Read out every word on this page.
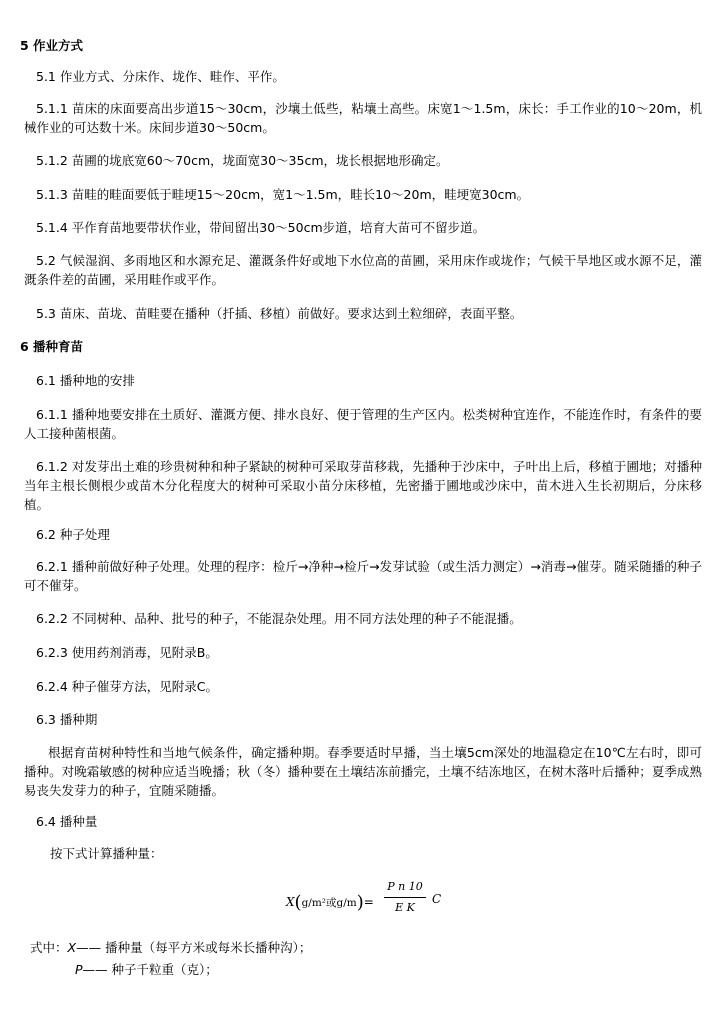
5 作业方式
5.1 作业方式、分床作、垅作、畦作、平作。
5.1.1 苗床的床面要高出步道15～30cm，沙壤土低些，粘壤土高些。床宽1～1.5m，床长：手工作业的10～20m，机械作业的可达数十米。床间步道30～50cm。
5.1.2 苗圃的垅底宽60～70cm，垅面宽30～35cm，垅长根据地形确定。
5.1.3 苗畦的畦面要低于畦埂15～20cm，宽1～1.5m，畦长10～20m，畦埂宽30cm。
5.1.4 平作育苗地要带状作业，带间留出30～50cm步道，培育大苗可不留步道。
5.2 气候湿润、多雨地区和水源充足、灌溉条件好或地下水位高的苗圃，采用床作或垅作；气候干旱地区或水源不足，灌溉条件差的苗圃，采用畦作或平作。
5.3 苗床、苗垅、苗畦要在播种（扦插、移植）前做好。要求达到土粒细碎，表面平整。
6 播种育苗
6.1 播种地的安排
6.1.1 播种地要安排在土质好、灌溉方便、排水良好、便于管理的生产区内。松类树种宜连作，不能连作时，有条件的要人工接种菌根菌。
6.1.2 对发芽出土难的珍贵树种和种子紧缺的树种可采取芽苗移栽，先播种于沙床中，子叶出上后，移植于圃地；对播种当年主根长侧根少或苗木分化程度大的树种可采取小苗分床移植，先密播于圃地或沙床中，苗木进入生长初期后，分床移植。
6.2 种子处理
6.2.1 播种前做好种子处理。处理的程序：检斤→净种→检斤→发芽试验（或生活力测定）→消毒→催芽。随采随播的种子可不催芽。
6.2.2 不同树种、品种、批号的种子，不能混杂处理。用不同方法处理的种子不能混播。
6.2.3 使用药剂消毒，见附录B。
6.2.4 种子催芽方法，见附录C。
6.3 播种期
根据育苗树种特性和当地气候条件，确定播种期。春季要适时早播，当土壤5cm深处的地温稳定在10℃左右时，即可播种。对晚霜敏感的树种应适当晚播；秋（冬）播种要在土壤结冻前播完，土壤不结冻地区，在树木落叶后播种；夏季成熟易丧失发芽力的种子，宜随采随播。
6.4 播种量
按下式计算播种量：
X(g/m²或g/m)=
P n 10
E K
C
式中：X—— 播种量（每平方米或每米长播种沟）；
P—— 种子千粒重（克）；
